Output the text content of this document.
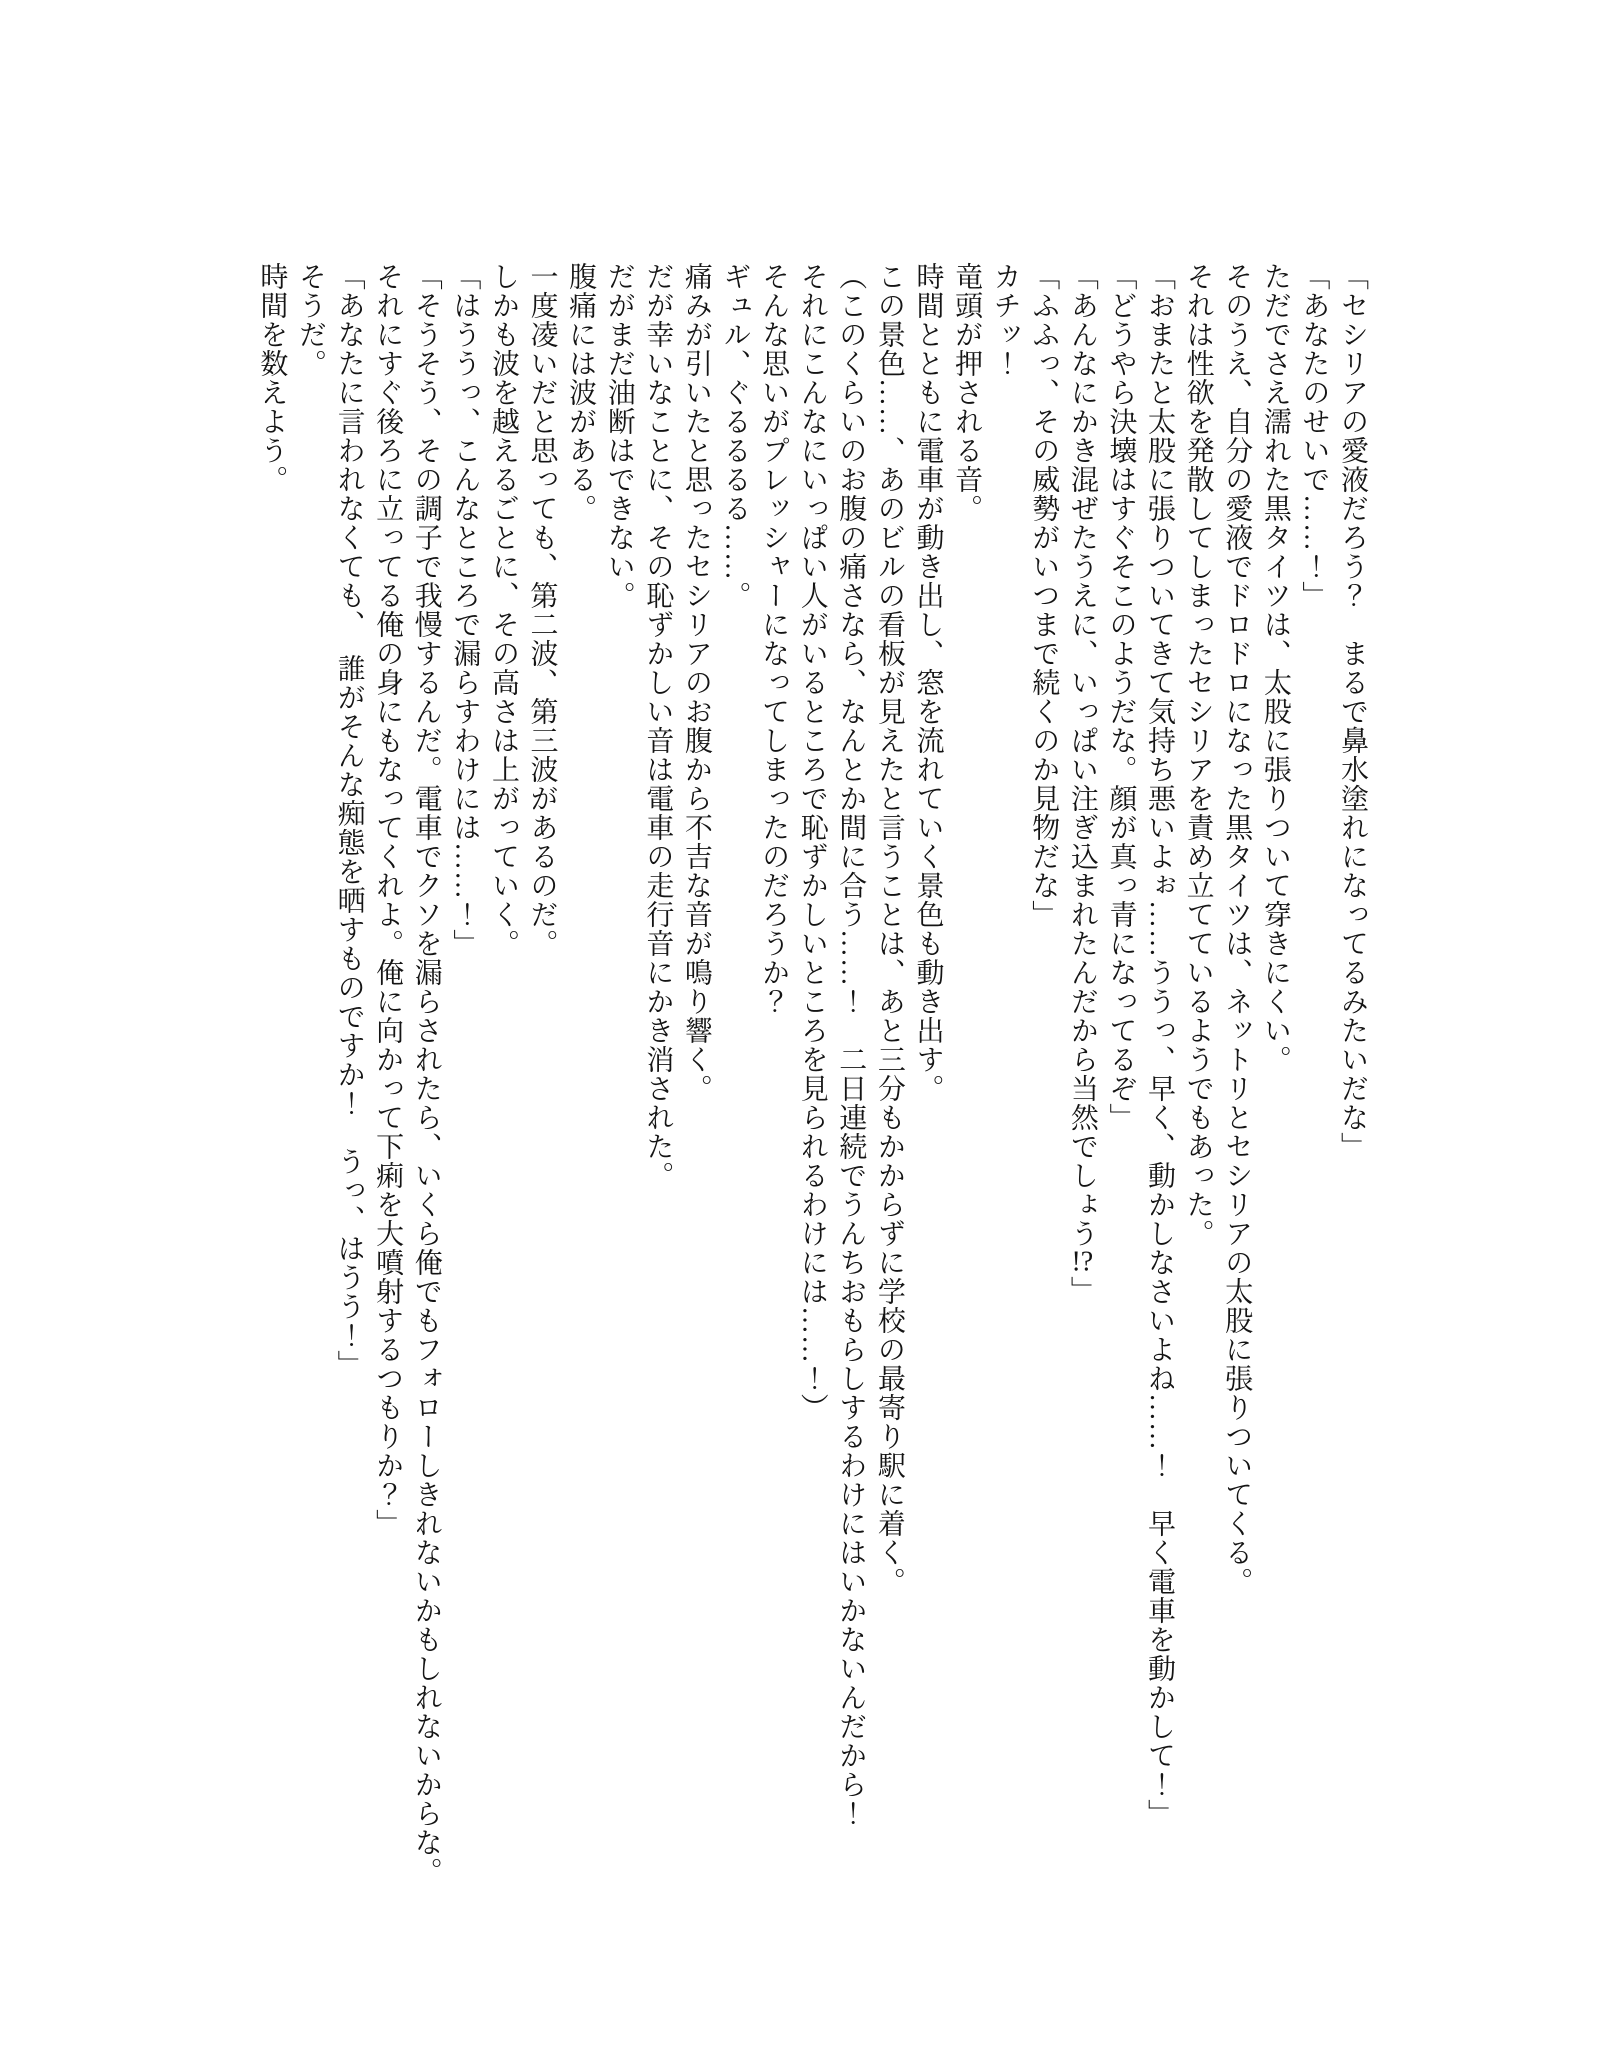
「セシリアの愛液だろう？　まるで鼻水塗れになってるみたいだな」

「あなたのせいで……！」

ただでさえ濡れた黒タイツは、太股に張りついて穿きにくい。

そのうえ、自分の愛液でドロドロになった黒タイツは、ネットリとセシリアの太股に張りついてくる。

それは性欲を発散してしまったセシリアを責め立てているようでもあった。

「おまたと太股に張りついてきて気持ち悪いよぉ……ううっ、早く、動かしなさいよね……！　早く電車を動かして！」

「どうやら決壊はすぐそこのようだな。顔が真っ青になってるぞ」

「あんなにかき混ぜたうえに、いっぱい注ぎ込まれたんだから当然でしょう!?」

「ふふっ、その威勢がいつまで続くのか見物だな」

カチッ！

竜頭が押される音。

時間とともに電車が動き出し、窓を流れていく景色も動き出す。

この景色……、あのビルの看板が見えたと言うことは、あと三分もかからずに学校の最寄り駅に着く。

（このくらいのお腹の痛さなら、なんとか間に合う……！　二日連続でうんちおもらしするわけにはいかないんだから！

それにこんなにいっぱい人がいるところで恥ずかしいところを見られるわけには……！）

そんな思いがプレッシャーになってしまったのだろうか？

ギュル、ぐるるるる……。

痛みが引いたと思ったセシリアのお腹から不吉な音が鳴り響く。

だが幸いなことに、その恥ずかしい音は電車の走行音にかき消された。

だがまだ油断はできない。

腹痛には波がある。

一度凌いだと思っても、第二波、第三波があるのだ。

しかも波を越えるごとに、その高さは上がっていく。

「はううっ、こんなところで漏らすわけには……！」

「そうそう、その調子で我慢するんだ。電車でクソを漏らされたら、いくら俺でもフォローしきれないかもしれないからな。

それにすぐ後ろに立ってる俺の身にもなってくれよ。俺に向かって下痢を大噴射するつもりか？」

「あなたに言われなくても、　誰がそんな痴態を晒すものですか！　うっ、はうう！」

そうだ。

時間を数えよう。
